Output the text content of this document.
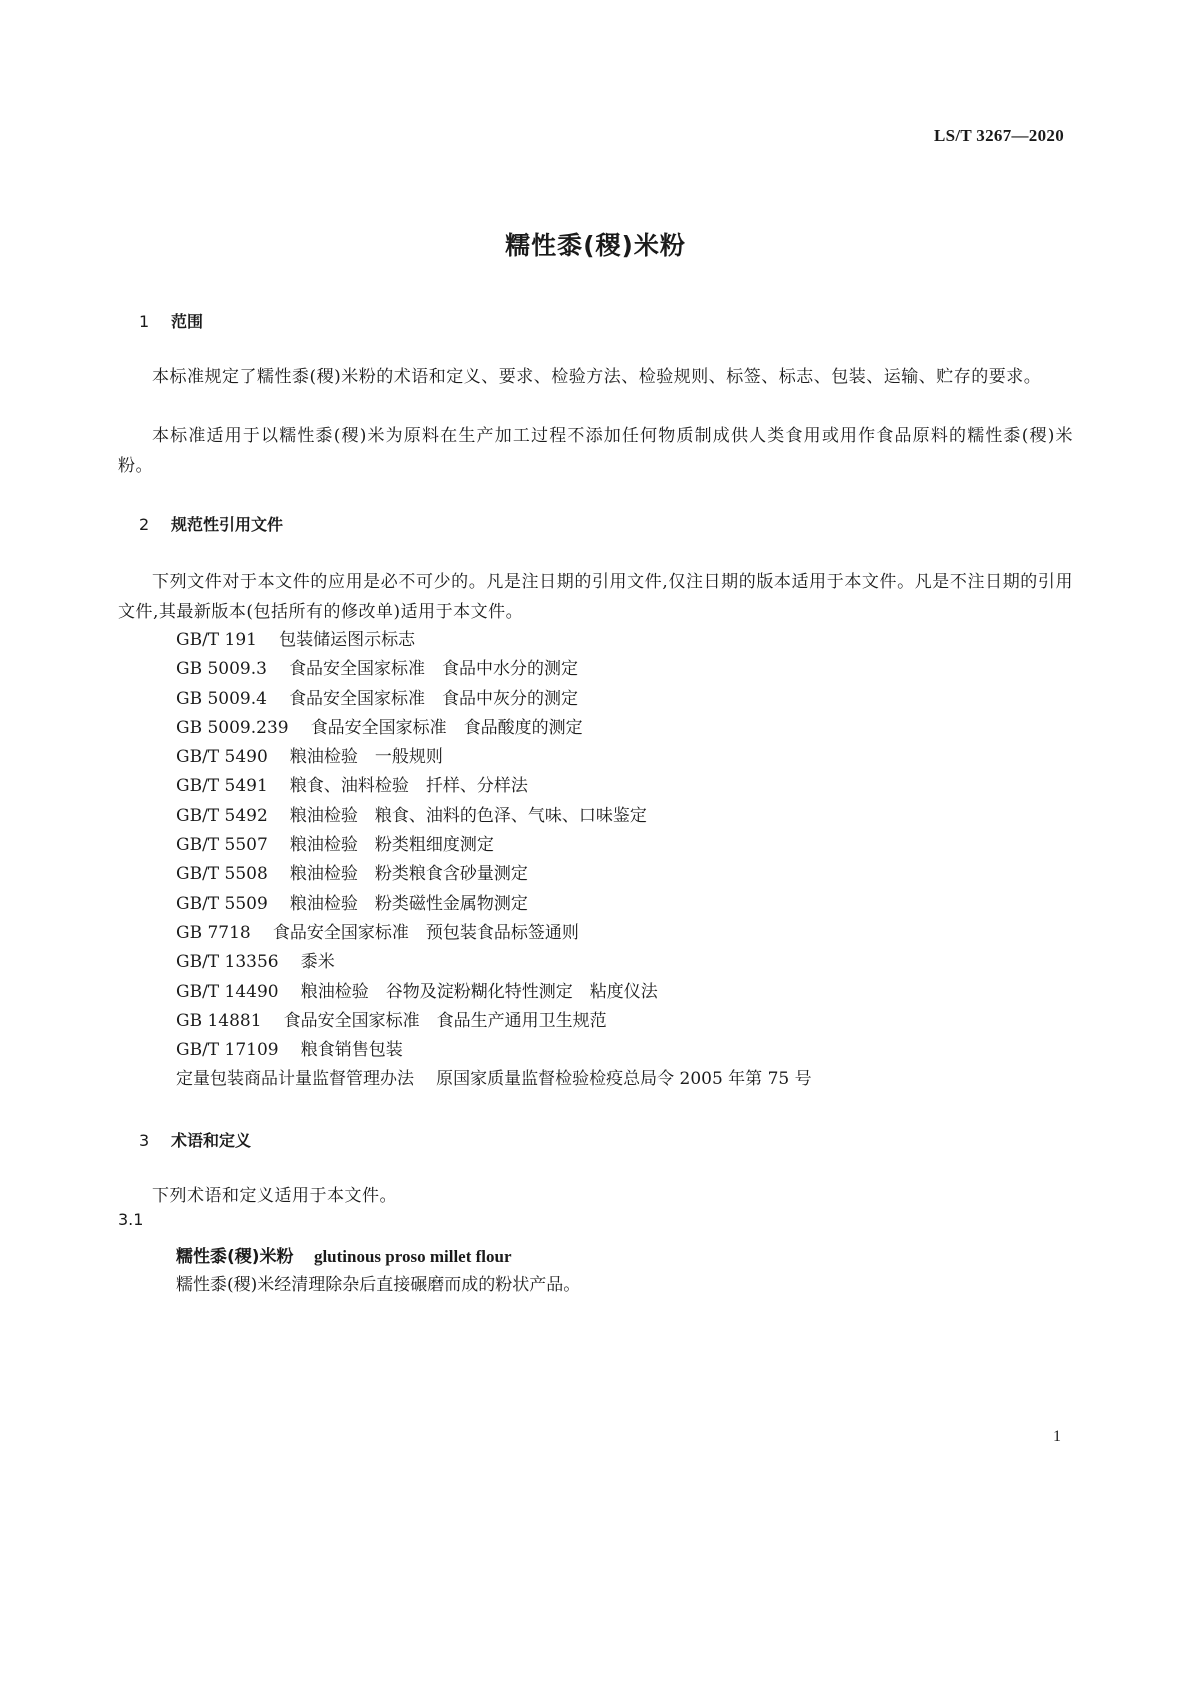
LS/T 3267—2020
糯性黍(稷)米粉
1 范围
本标准规定了糯性黍(稷)米粉的术语和定义、要求、检验方法、检验规则、标签、标志、包装、运输、贮存的要求。
本标准适用于以糯性黍(稷)米为原料在生产加工过程不添加任何物质制成供人类食用或用作食品原料的糯性黍(稷)米粉。
2 规范性引用文件
下列文件对于本文件的应用是必不可少的。凡是注日期的引用文件,仅注日期的版本适用于本文件。凡是不注日期的引用文件,其最新版本(包括所有的修改单)适用于本文件。
GB/T 191 包装储运图示标志
GB 5009.3 食品安全国家标准　食品中水分的测定
GB 5009.4 食品安全国家标准　食品中灰分的测定
GB 5009.239 食品安全国家标准　食品酸度的测定
GB/T 5490 粮油检验　一般规则
GB/T 5491 粮食、油料检验　扦样、分样法
GB/T 5492 粮油检验　粮食、油料的色泽、气味、口味鉴定
GB/T 5507 粮油检验　粉类粗细度测定
GB/T 5508 粮油检验　粉类粮食含砂量测定
GB/T 5509 粮油检验　粉类磁性金属物测定
GB 7718 食品安全国家标准　预包装食品标签通则
GB/T 13356 黍米
GB/T 14490 粮油检验　谷物及淀粉糊化特性测定　粘度仪法
GB 14881 食品安全国家标准　食品生产通用卫生规范
GB/T 17109 粮食销售包装
定量包装商品计量监督管理办法 原国家质量监督检验检疫总局令 2005 年第 75 号
3 术语和定义
下列术语和定义适用于本文件。
3.1
糯性黍(稷)米粉 glutinous proso millet flour
糯性黍(稷)米经清理除杂后直接碾磨而成的粉状产品。
1
